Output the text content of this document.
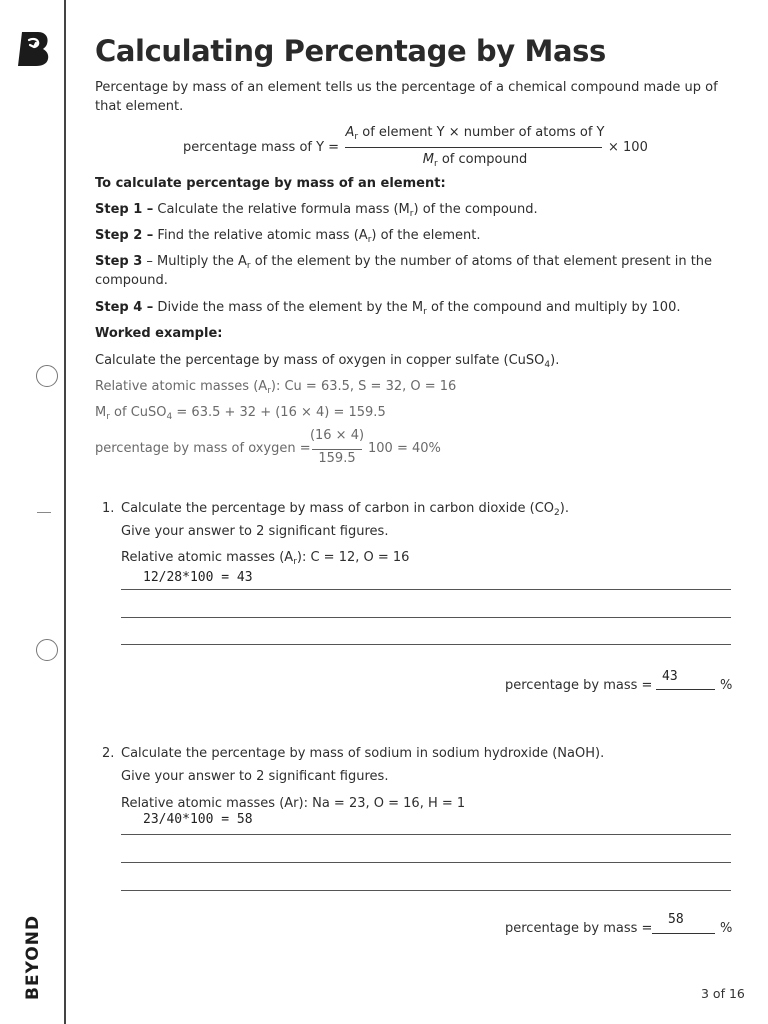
BEYOND
Calculating Percentage by Mass
Percentage by mass of an element tells us the percentage of a chemical compound made up of that element.
percentage mass of Y =
$A_r$ of element Y × number of atoms of Y
$M_r$ of compound
× 100
To calculate percentage by mass of an element:
Step 1 – Calculate the relative formula mass $(M_r)$ of the compound.
Step 2 – Find the relative atomic mass $(A_r)$ of the element.
Step 3 – Multiply the $A_r$ of the element by the number of atoms of that element present in the compound.
Step 4 – Divide the mass of the element by the $M_r$ of the compound and multiply by 100.
Worked example:
Calculate the percentage by mass of oxygen in copper sulfate (CuSO$_4$).
Relative atomic masses $(A_r)$: Cu = 63.5, S = 32, O = 16
$M_r$ of CuSO$_4$ = 63.5 + 32 + (16 × 4) = 159.5
percentage by mass of oxygen =
(16 × 4)
159.5
100 = 40%
1. Calculate the percentage by mass of carbon in carbon dioxide $(CO_2)$.
Give your answer to 2 significant figures.
Relative atomic masses $(A_r)$: C = 12, O = 16
12/28*100 = 43
percentage by mass =
43
%
2. Calculate the percentage by mass of sodium in sodium hydroxide (NaOH).
Give your answer to 2 significant figures.
Relative atomic masses (Ar): Na = 23, O = 16, H = 1
23/40*100 = 58
percentage by mass =
58
%
3 of 16
